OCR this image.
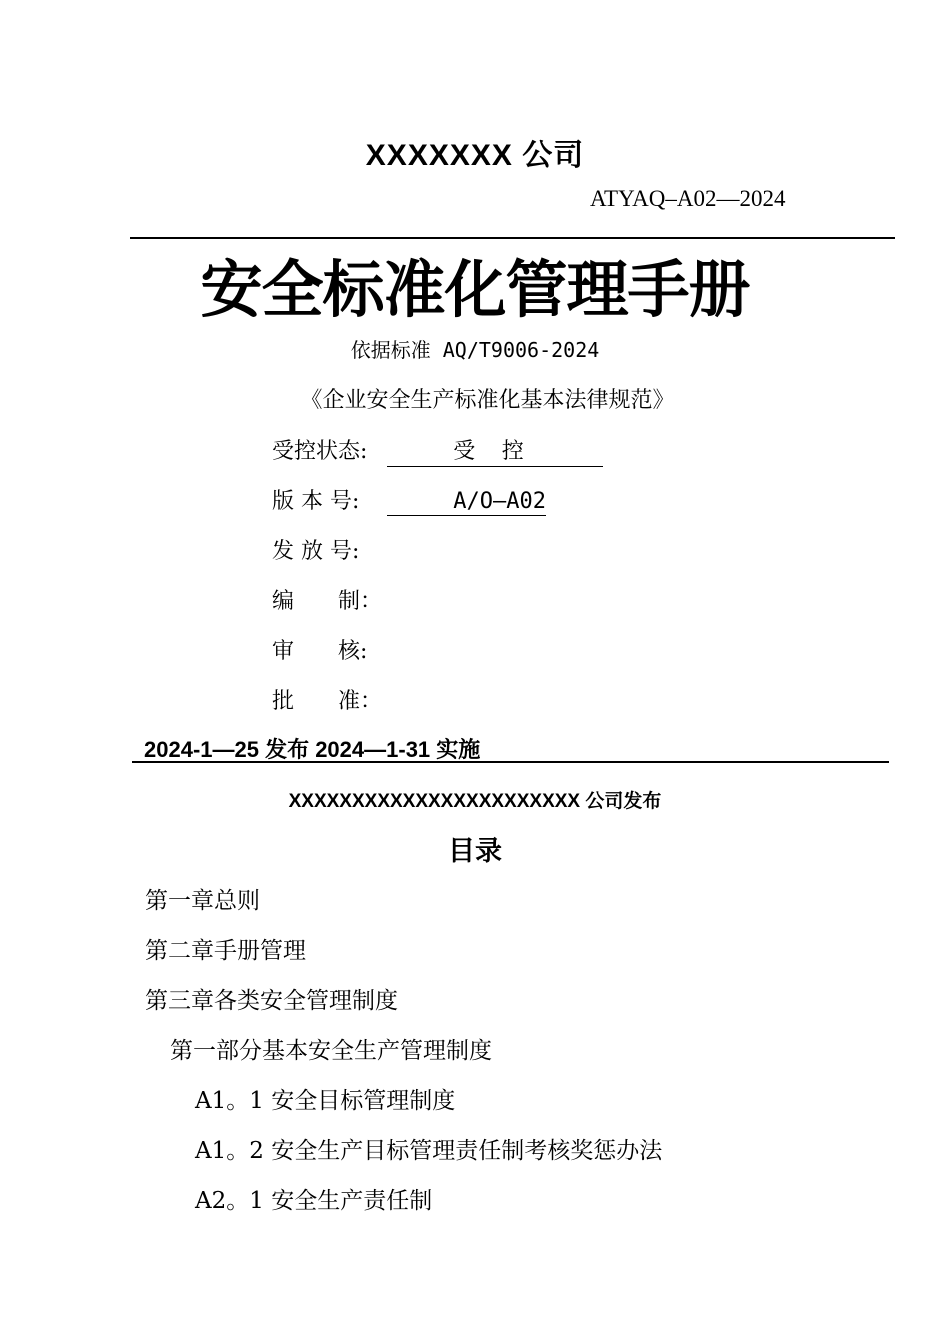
XXXXXXX 公司
ATYAQ–A02—2024
安全标准化管理手册
依据标准 AQ/T9006-2024
《企业安全生产标准化基本法律规范》
受控状态:     受  控
版 本 号:     A/O—A02
发 放 号:
编　　制：
审　　核:
批　　准：
2024-1—25 发布 2024—1-31 实施
XXXXXXXXXXXXXXXXXXXXXXX 公司发布
目录
第一章总则
第二章手册管理
第三章各类安全管理制度
第一部分基本安全生产管理制度
A1。1 安全目标管理制度
A1。2 安全生产目标管理责任制考核奖惩办法
A2。1 安全生产责任制
